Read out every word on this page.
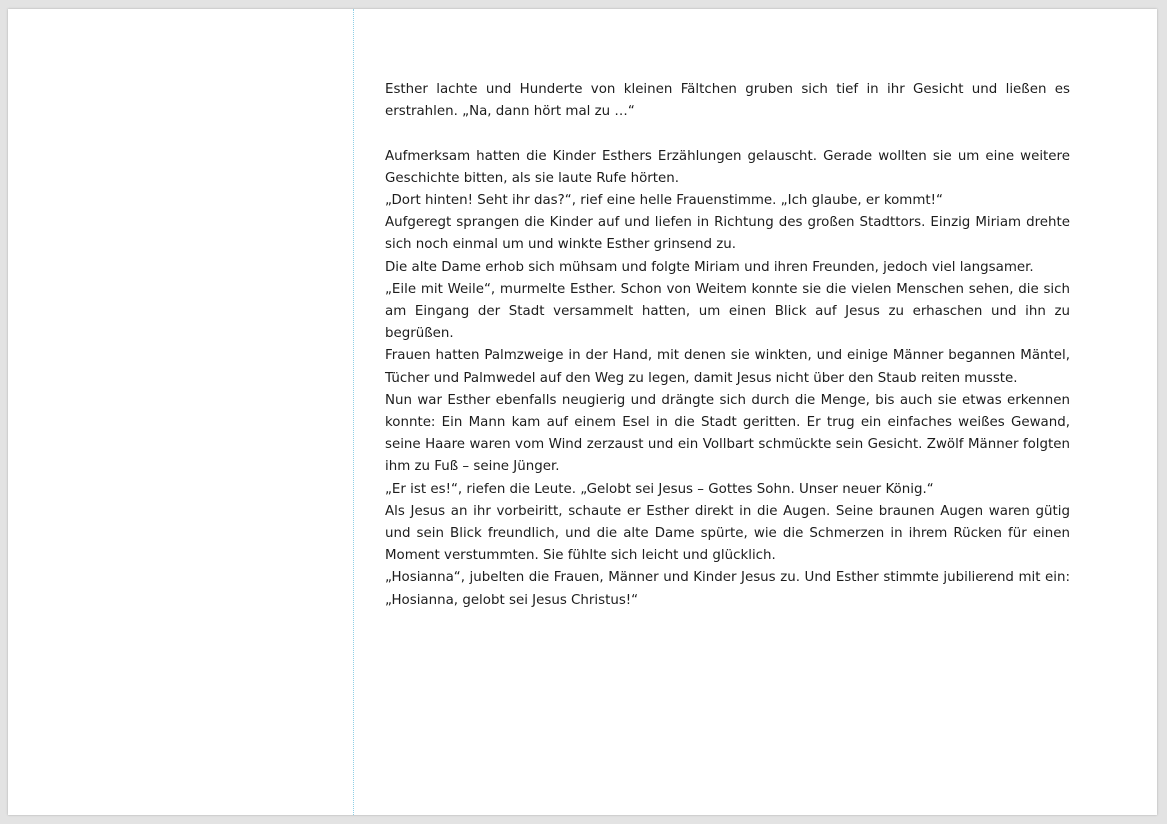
Esther lachte und Hunderte von kleinen Fältchen gruben sich tief in ihr Gesicht und ließen es erstrahlen. „Na, dann hört mal zu …“

Aufmerksam hatten die Kinder Esthers Erzählungen gelauscht. Gerade wollten sie um eine weitere Geschichte bitten, als sie laute Rufe hörten.

„Dort hinten! Seht ihr das?“, rief eine helle Frauenstimme. „Ich glaube, er kommt!“

Aufgeregt sprangen die Kinder auf und liefen in Richtung des großen Stadttors. Einzig Miriam drehte sich noch einmal um und winkte Esther grinsend zu.

Die alte Dame erhob sich mühsam und folgte Miriam und ihren Freunden, jedoch viel langsamer.

„Eile mit Weile“, murmelte Esther. Schon von Weitem konnte sie die vielen Menschen sehen, die sich am Eingang der Stadt versammelt hatten, um einen Blick auf Jesus zu erhaschen und ihn zu begrüßen.

Frauen hatten Palmzweige in der Hand, mit denen sie winkten, und einige Männer begannen Mäntel, Tücher und Palmwedel auf den Weg zu legen, damit Jesus nicht über den Staub reiten musste.

Nun war Esther ebenfalls neugierig und drängte sich durch die Menge, bis auch sie etwas erkennen konnte: Ein Mann kam auf einem Esel in die Stadt geritten. Er trug ein einfaches weißes Gewand, seine Haare waren vom Wind zerzaust und ein Vollbart schmückte sein Gesicht. Zwölf Männer folgten ihm zu Fuß – seine Jünger.

„Er ist es!“, riefen die Leute. „Gelobt sei Jesus – Gottes Sohn. Unser neuer König.“

Als Jesus an ihr vorbeiritt, schaute er Esther direkt in die Augen. Seine braunen Augen waren gütig und sein Blick freundlich, und die alte Dame spürte, wie die Schmerzen in ihrem Rücken für einen Moment verstummten. Sie fühlte sich leicht und glücklich.

„Hosianna“, jubelten die Frauen, Männer und Kinder Jesus zu. Und Esther stimmte jubilierend mit ein: „Hosianna, gelobt sei Jesus Christus!“
